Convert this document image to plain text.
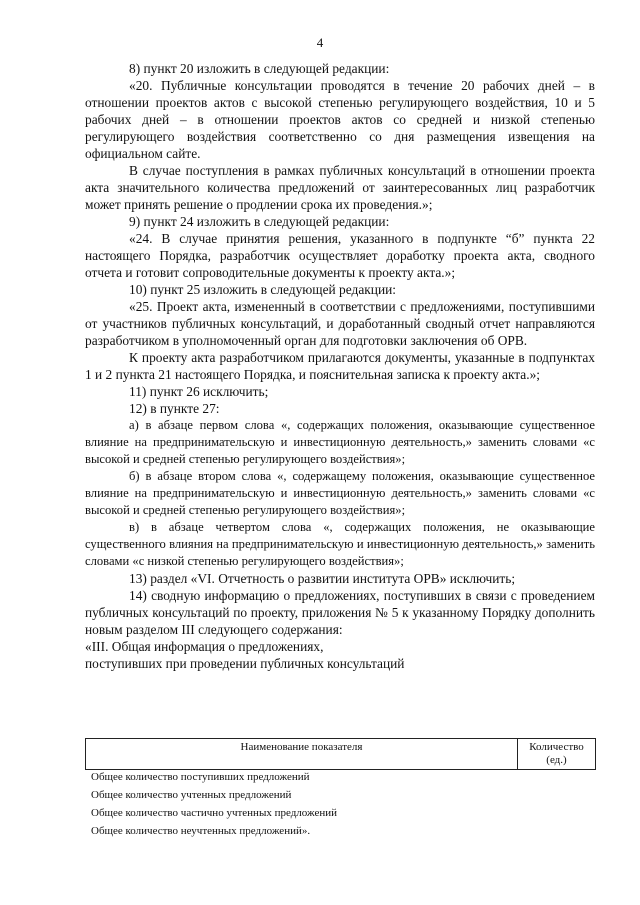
4

8) пункт 20 изложить в следующей редакции:

«20. Публичные консультации проводятся в течение 20 рабочих дней – в отношении проектов актов с высокой степенью регулирующего воздействия, 10 и 5 рабочих дней – в отношении проектов актов со средней и низкой степенью регулирующего воздействия соответственно со дня размещения извещения на официальном сайте.

В случае поступления в рамках публичных консультаций в отношении проекта акта значительного количества предложений от заинтересованных лиц разработчик может принять решение о продлении срока их проведения.»;

9) пункт 24 изложить в следующей редакции:

«24. В случае принятия решения, указанного в подпункте “б” пункта 22 настоящего Порядка, разработчик осуществляет доработку проекта акта, сводного отчета и готовит сопроводительные документы к проекту акта.»;

10) пункт 25 изложить в следующей редакции:

«25. Проект акта, измененный в соответствии с предложениями, поступившими от участников публичных консультаций, и доработанный сводный отчет направляются разработчиком в уполномоченный орган для подготовки заключения об ОРВ.

К проекту акта разработчиком прилагаются документы, указанные в подпунктах 1 и 2 пункта 21 настоящего Порядка, и пояснительная записка к проекту акта.»;

11) пункт 26 исключить;

12) в пункте 27:

а) в абзаце первом слова «, содержащих положения, оказывающие существенное влияние на предпринимательскую и инвестиционную деятельность,» заменить словами «с высокой и средней степенью регулирующего воздействия»;

б) в абзаце втором слова «, содержащему положения, оказывающие существенное влияние на предпринимательскую и инвестиционную деятельность,» заменить словами «с высокой и средней степенью регулирующего воздействия»;

в) в абзаце четвертом слова «, содержащих положения, не оказывающие существенного влияния на предпринимательскую и инвестиционную деятельность,» заменить словами «с низкой степенью регулирующего воздействия»;

13) раздел «VI. Отчетность о развитии института ОРВ» исключить;

14) сводную информацию о предложениях, поступивших в связи с проведением публичных консультаций по проекту, приложения № 5 к указанному Порядку дополнить новым разделом III следующего содержания:

«III. Общая информация о предложениях,
поступивших при проведении публичных консультаций

Наименование показателя	Количество (ед.)
Общее количество поступивших предложений
Общее количество учтенных предложений
Общее количество частично учтенных предложений
Общее количество неучтенных предложений».
